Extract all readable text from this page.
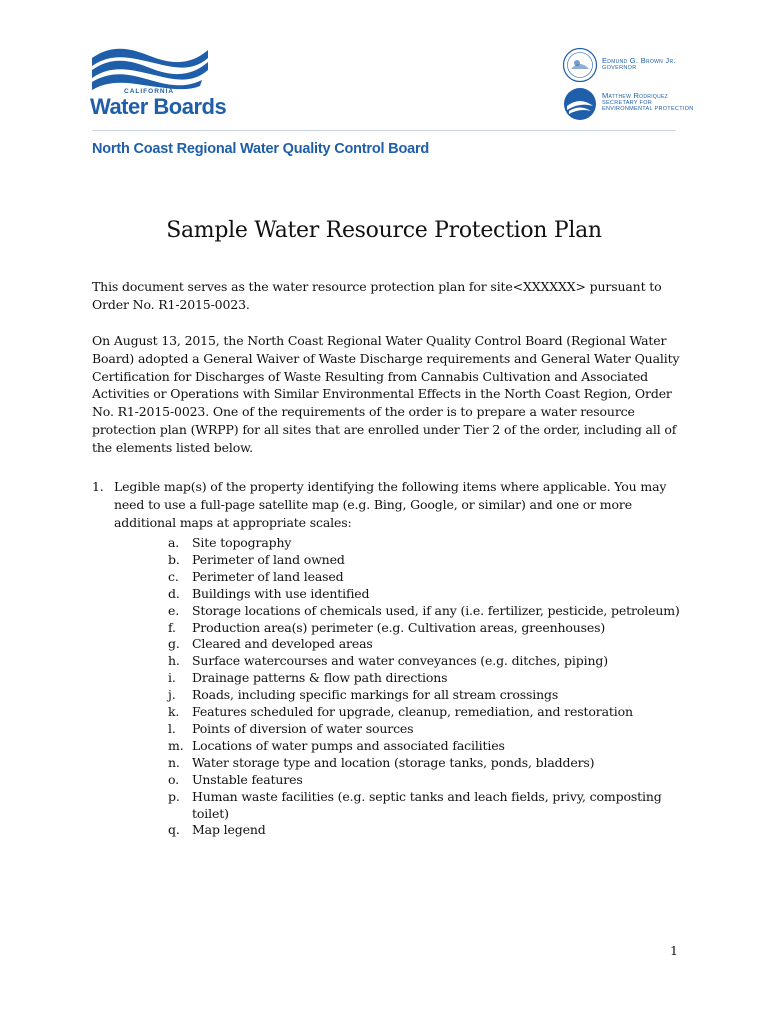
CALIFORNIA
Water Boards
Edmund G. Brown Jr.
GOVERNOR
Matthew Rodriquez
SECRETARY FOR
ENVIRONMENTAL PROTECTION
North Coast Regional Water Quality Control Board
Sample Water Resource Protection Plan
This document serves as the water resource protection plan for site<XXXXXX> pursuant to Order No. R1-2015-0023.
On August 13, 2015, the North Coast Regional Water Quality Control Board (Regional Water Board) adopted a General Waiver of Waste Discharge requirements and General Water Quality Certification for Discharges of Waste Resulting from Cannabis Cultivation and Associated Activities or Operations with Similar Environmental Effects in the North Coast Region, Order No. R1-2015-0023. One of the requirements of the order is to prepare a water resource protection plan (WRPP) for all sites that are enrolled under Tier 2 of the order, including all of the elements listed below.
1. Legible map(s) of the property identifying the following items where applicable. You may need to use a full-page satellite map (e.g. Bing, Google, or similar) and one or more additional maps at appropriate scales:
a. Site topography
b. Perimeter of land owned
c. Perimeter of land leased
d. Buildings with use identified
e. Storage locations of chemicals used, if any (i.e. fertilizer, pesticide, petroleum)
f. Production area(s) perimeter (e.g. Cultivation areas, greenhouses)
g. Cleared and developed areas
h. Surface watercourses and water conveyances (e.g. ditches, piping)
i. Drainage patterns & flow path directions
j. Roads, including specific markings for all stream crossings
k. Features scheduled for upgrade, cleanup, remediation, and restoration
l. Points of diversion of water sources
m. Locations of water pumps and associated facilities
n. Water storage type and location (storage tanks, ponds, bladders)
o. Unstable features
p. Human waste facilities (e.g. septic tanks and leach fields, privy, composting toilet)
q. Map legend
1
